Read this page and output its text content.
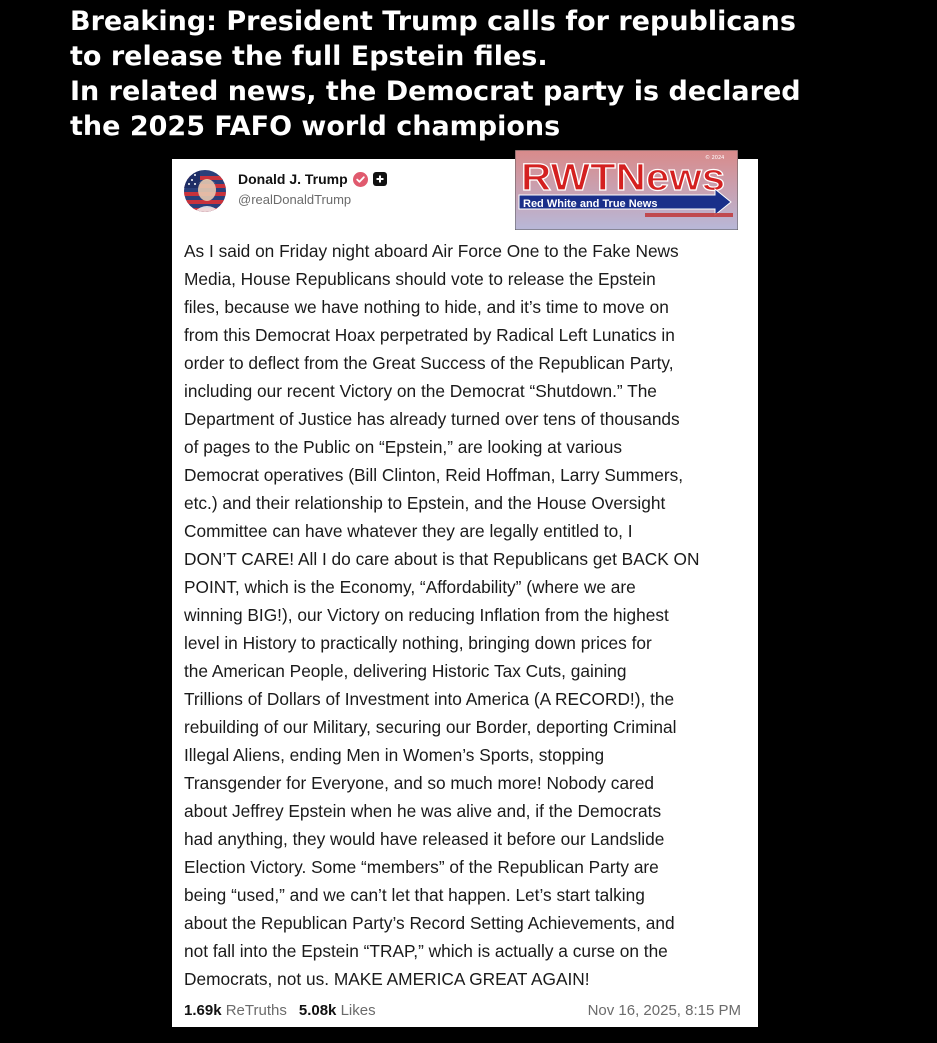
Breaking: President Trump calls for republicans
to release the full Epstein files.
In related news, the Democrat party is declared
the 2025 FAFO world champions
Donald J. Trump
@realDonaldTrump
RWTNews
© 2024
Red White and True News
As I said on Friday night aboard Air Force One to the Fake News
Media, House Republicans should vote to release the Epstein
files, because we have nothing to hide, and it’s time to move on
from this Democrat Hoax perpetrated by Radical Left Lunatics in
order to deflect from the Great Success of the Republican Party,
including our recent Victory on the Democrat “Shutdown.” The
Department of Justice has already turned over tens of thousands
of pages to the Public on “Epstein,” are looking at various
Democrat operatives (Bill Clinton, Reid Hoffman, Larry Summers,
etc.) and their relationship to Epstein, and the House Oversight
Committee can have whatever they are legally entitled to, I
DON’T CARE! All I do care about is that Republicans get BACK ON
POINT, which is the Economy, “Affordability” (where we are
winning BIG!), our Victory on reducing Inflation from the highest
level in History to practically nothing, bringing down prices for
the American People, delivering Historic Tax Cuts, gaining
Trillions of Dollars of Investment into America (A RECORD!), the
rebuilding of our Military, securing our Border, deporting Criminal
Illegal Aliens, ending Men in Women’s Sports, stopping
Transgender for Everyone, and so much more! Nobody cared
about Jeffrey Epstein when he was alive and, if the Democrats
had anything, they would have released it before our Landslide
Election Victory. Some “members” of the Republican Party are
being “used,” and we can’t let that happen. Let’s start talking
about the Republican Party’s Record Setting Achievements, and
not fall into the Epstein “TRAP,” which is actually a curse on the
Democrats, not us. MAKE AMERICA GREAT AGAIN!
1.69k ReTruths 5.08k Likes	Nov 16, 2025, 8:15 PM
